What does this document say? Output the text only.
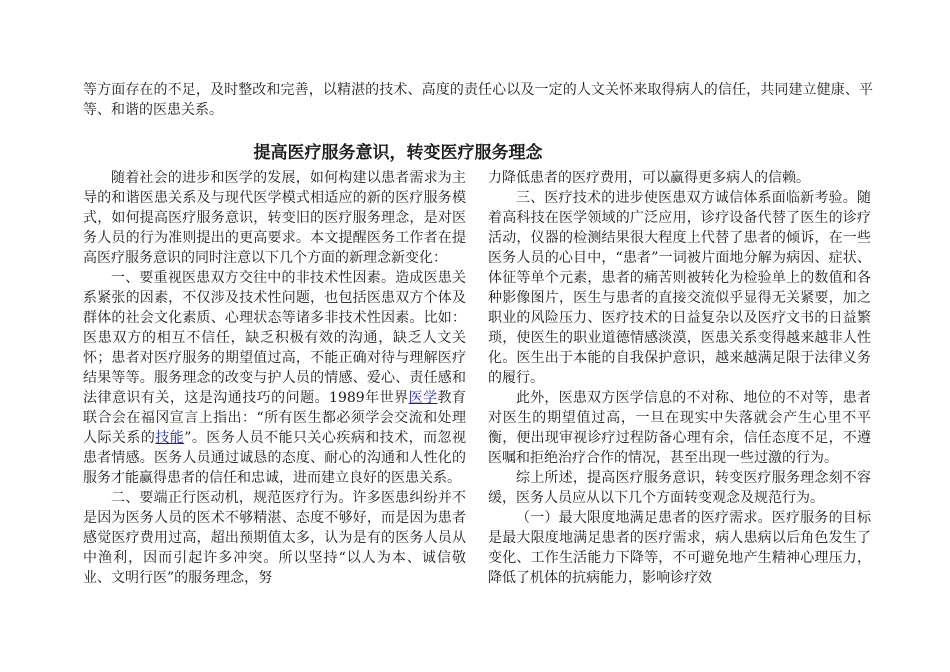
等方面存在的不足，及时整改和完善，以精湛的技术、高度的责任心以及一定的人文关怀来取得病人的信任，共同建立健康、平等、和谐的医患关系。

提高医疗服务意识，转变医疗服务理念

随着社会的进步和医学的发展，如何构建以患者需求为主导的和谐医患关系及与现代医学模式相适应的新的医疗服务模式，如何提高医疗服务意识，转变旧的医疗服务理念，是对医务人员的行为准则提出的更高要求。本文提醒医务工作者在提高医疗服务意识的同时注意以下几个方面的新理念新变化：

一、要重视医患双方交往中的非技术性因素。造成医患关系紧张的因素，不仅涉及技术性问题，也包括医患双方个体及群体的社会文化素质、心理状态等诸多非技术性因素。比如：医患双方的相互不信任，缺乏积极有效的沟通，缺乏人文关怀；患者对医疗服务的期望值过高，不能正确对待与理解医疗结果等等。服务理念的改变与护人员的情感、爱心、责任感和法律意识有关，这是沟通技巧的问题。1989年世界医学教育联合会在福冈宣言上指出：“所有医生都必须学会交流和处理人际关系的技能”。医务人员不能只关心疾病和技术，而忽视患者情感。医务人员通过诚恳的态度、耐心的沟通和人性化的服务才能赢得患者的信任和忠诚，进而建立良好的医患关系。

二、要端正行医动机，规范医疗行为。许多医患纠纷并不是因为医务人员的医术不够精湛、态度不够好，而是因为患者感觉医疗费用过高，超出预期值太多，认为是有的医务人员从中渔利，因而引起许多冲突。所以坚持“以人为本、诚信敬业、文明行医”的服务理念，努

力降低患者的医疗费用，可以赢得更多病人的信赖。

三、医疗技术的进步使医患双方诚信体系面临新考验。随着高科技在医学领域的广泛应用，诊疗设备代替了医生的诊疗活动，仪器的检测结果很大程度上代替了患者的倾诉，在一些医务人员的心目中，“患者”一词被片面地分解为病因、症状、体征等单个元素，患者的痛苦则被转化为检验单上的数值和各种影像图片，医生与患者的直接交流似乎显得无关紧要，加之职业的风险压力、医疗技术的日益复杂以及医疗文书的日益繁琐，使医生的职业道德情感淡漠，医患关系变得越来越非人性化。医生出于本能的自我保护意识，越来越满足限于法律义务的履行。

此外，医患双方医学信息的不对称、地位的不对等，患者对医生的期望值过高，一旦在现实中失落就会产生心里不平衡，便出现审视诊疗过程防备心理有余，信任态度不足，不遵医嘱和拒绝治疗合作的情况，甚至出现一些过激的行为。

综上所述，提高医疗服务意识，转变医疗服务理念刻不容缓，医务人员应从以下几个方面转变观念及规范行为。

（一）最大限度地满足患者的医疗需求。医疗服务的目标是最大限度地满足患者的医疗需求，病人患病以后角色发生了变化、工作生活能力下降等，不可避免地产生精神心理压力，降低了机体的抗病能力，影响诊疗效
